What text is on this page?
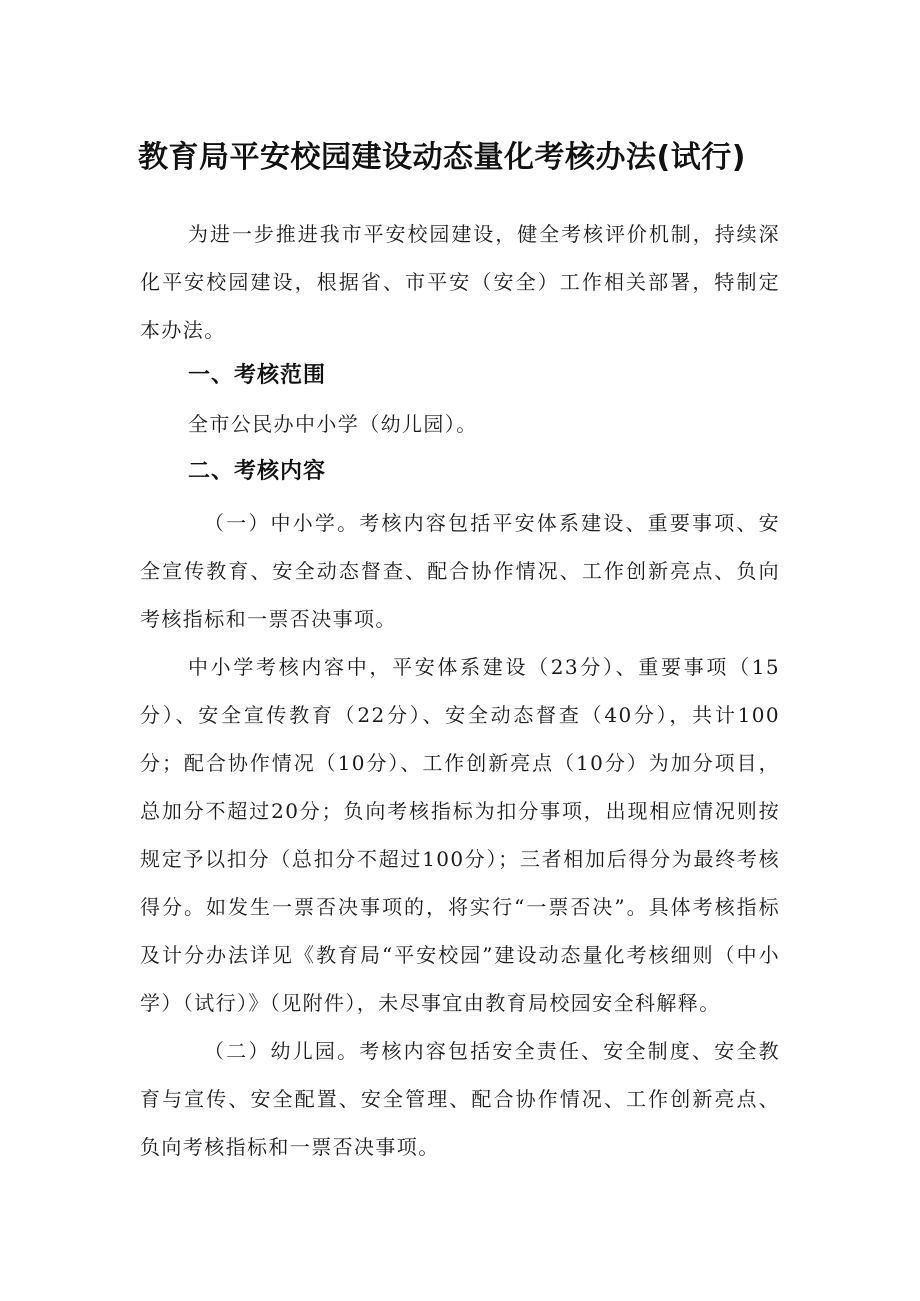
教育局平安校园建设动态量化考核办法(试行)

为进一步推进我市平安校园建设，健全考核评价机制，持续深化平安校园建设，根据省、市平安（安全）工作相关部署，特制定本办法。

一、考核范围

全市公民办中小学（幼儿园）。

二、考核内容

（一）中小学。考核内容包括平安体系建设、重要事项、安全宣传教育、安全动态督查、配合协作情况、工作创新亮点、负向考核指标和一票否决事项。

中小学考核内容中，平安体系建设（23分）、重要事项（15分）、安全宣传教育（22分）、安全动态督查（40分），共计100分；配合协作情况（10分）、工作创新亮点（10分）为加分项目，总加分不超过20分；负向考核指标为扣分事项，出现相应情况则按规定予以扣分（总扣分不超过100分）；三者相加后得分为最终考核得分。如发生一票否决事项的，将实行“一票否决”。具体考核指标及计分办法详见《教育局“平安校园”建设动态量化考核细则（中小学）（试行）》（见附件），未尽事宜由教育局校园安全科解释。

（二）幼儿园。考核内容包括安全责任、安全制度、安全教育与宣传、安全配置、安全管理、配合协作情况、工作创新亮点、负向考核指标和一票否决事项。
